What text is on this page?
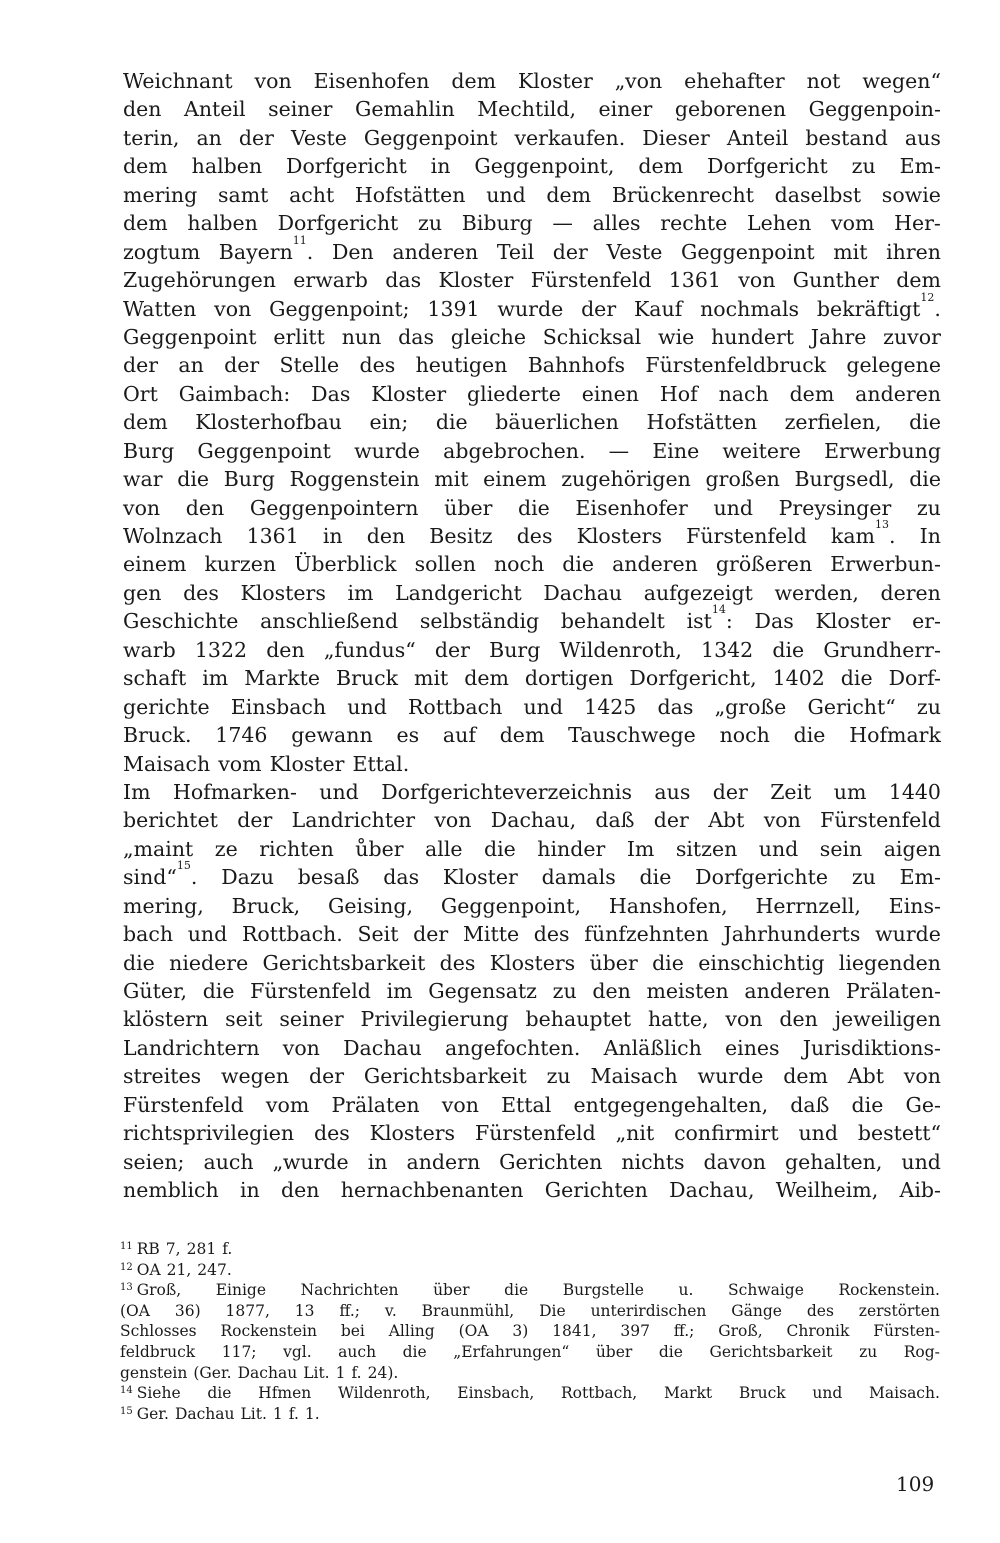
Weichnant von Eisenhofen dem Kloster „von ehehafter not wegen“
den Anteil seiner Gemahlin Mechtild, einer geborenen Geggenpoin-
terin, an der Veste Geggenpoint verkaufen. Dieser Anteil bestand aus
dem halben Dorfgericht in Geggenpoint, dem Dorfgericht zu Em-
mering samt acht Hofstätten und dem Brückenrecht daselbst sowie
dem halben Dorfgericht zu Biburg — alles rechte Lehen vom Her-
zogtum Bayern$^{11}$. Den anderen Teil der Veste Geggenpoint mit ihren
Zugehörungen erwarb das Kloster Fürstenfeld 1361 von Gunther dem
Watten von Geggenpoint; 1391 wurde der Kauf nochmals bekräftigt$^{12}$.
Geggenpoint erlitt nun das gleiche Schicksal wie hundert Jahre zuvor
der an der Stelle des heutigen Bahnhofs Fürstenfeldbruck gelegene
Ort Gaimbach: Das Kloster gliederte einen Hof nach dem anderen
dem Klosterhofbau ein; die bäuerlichen Hofstätten zerfielen, die
Burg Geggenpoint wurde abgebrochen. — Eine weitere Erwerbung
war die Burg Roggenstein mit einem zugehörigen großen Burgsedl, die
von den Geggenpointern über die Eisenhofer und Preysinger zu
Wolnzach 1361 in den Besitz des Klosters Fürstenfeld kam$^{13}$. In
einem kurzen Überblick sollen noch die anderen größeren Erwerbun-
gen des Klosters im Landgericht Dachau aufgezeigt werden, deren
Geschichte anschließend selbständig behandelt ist$^{14}$: Das Kloster er-
warb 1322 den „fundus“ der Burg Wildenroth, 1342 die Grundherr-
schaft im Markte Bruck mit dem dortigen Dorfgericht, 1402 die Dorf-
gerichte Einsbach und Rottbach und 1425 das „große Gericht“ zu
Bruck. 1746 gewann es auf dem Tauschwege noch die Hofmark
Maisach vom Kloster Ettal.
Im Hofmarken- und Dorfgerichteverzeichnis aus der Zeit um 1440
berichtet der Landrichter von Dachau, daß der Abt von Fürstenfeld
„maint ze richten ůber alle die hinder Im sitzen und sein aigen
sind“$^{15}$. Dazu besaß das Kloster damals die Dorfgerichte zu Em-
mering, Bruck, Geising, Geggenpoint, Hanshofen, Herrnzell, Eins-
bach und Rottbach. Seit der Mitte des fünfzehnten Jahrhunderts wurde
die niedere Gerichtsbarkeit des Klosters über die einschichtig liegenden
Güter, die Fürstenfeld im Gegensatz zu den meisten anderen Prälaten-
klöstern seit seiner Privilegierung behauptet hatte, von den jeweiligen
Landrichtern von Dachau angefochten. Anläßlich eines Jurisdiktions-
streites wegen der Gerichtsbarkeit zu Maisach wurde dem Abt von
Fürstenfeld vom Prälaten von Ettal entgegengehalten, daß die Ge-
richtsprivilegien des Klosters Fürstenfeld „nit confirmirt und bestett“
seien; auch „wurde in andern Gerichten nichts davon gehalten, und
nemblich in den hernachbenanten Gerichten Dachau, Weilheim, Aib-
$^{11}$ RB 7, 281 f.
$^{12}$ OA 21, 247.
$^{13}$ Groß, Einige Nachrichten über die Burgstelle u. Schwaige Rockenstein.
(OA 36) 1877, 13 ff.; v. Braunmühl, Die unterirdischen Gänge des zerstörten
Schlosses Rockenstein bei Alling (OA 3) 1841, 397 ff.; Groß, Chronik Fürsten-
feldbruck 117; vgl. auch die „Erfahrungen“ über die Gerichtsbarkeit zu Rog-
genstein (Ger. Dachau Lit. 1 f. 24).
$^{14}$ Siehe die Hfmen Wildenroth, Einsbach, Rottbach, Markt Bruck und Maisach.
$^{15}$ Ger. Dachau Lit. 1 f. 1.
109
